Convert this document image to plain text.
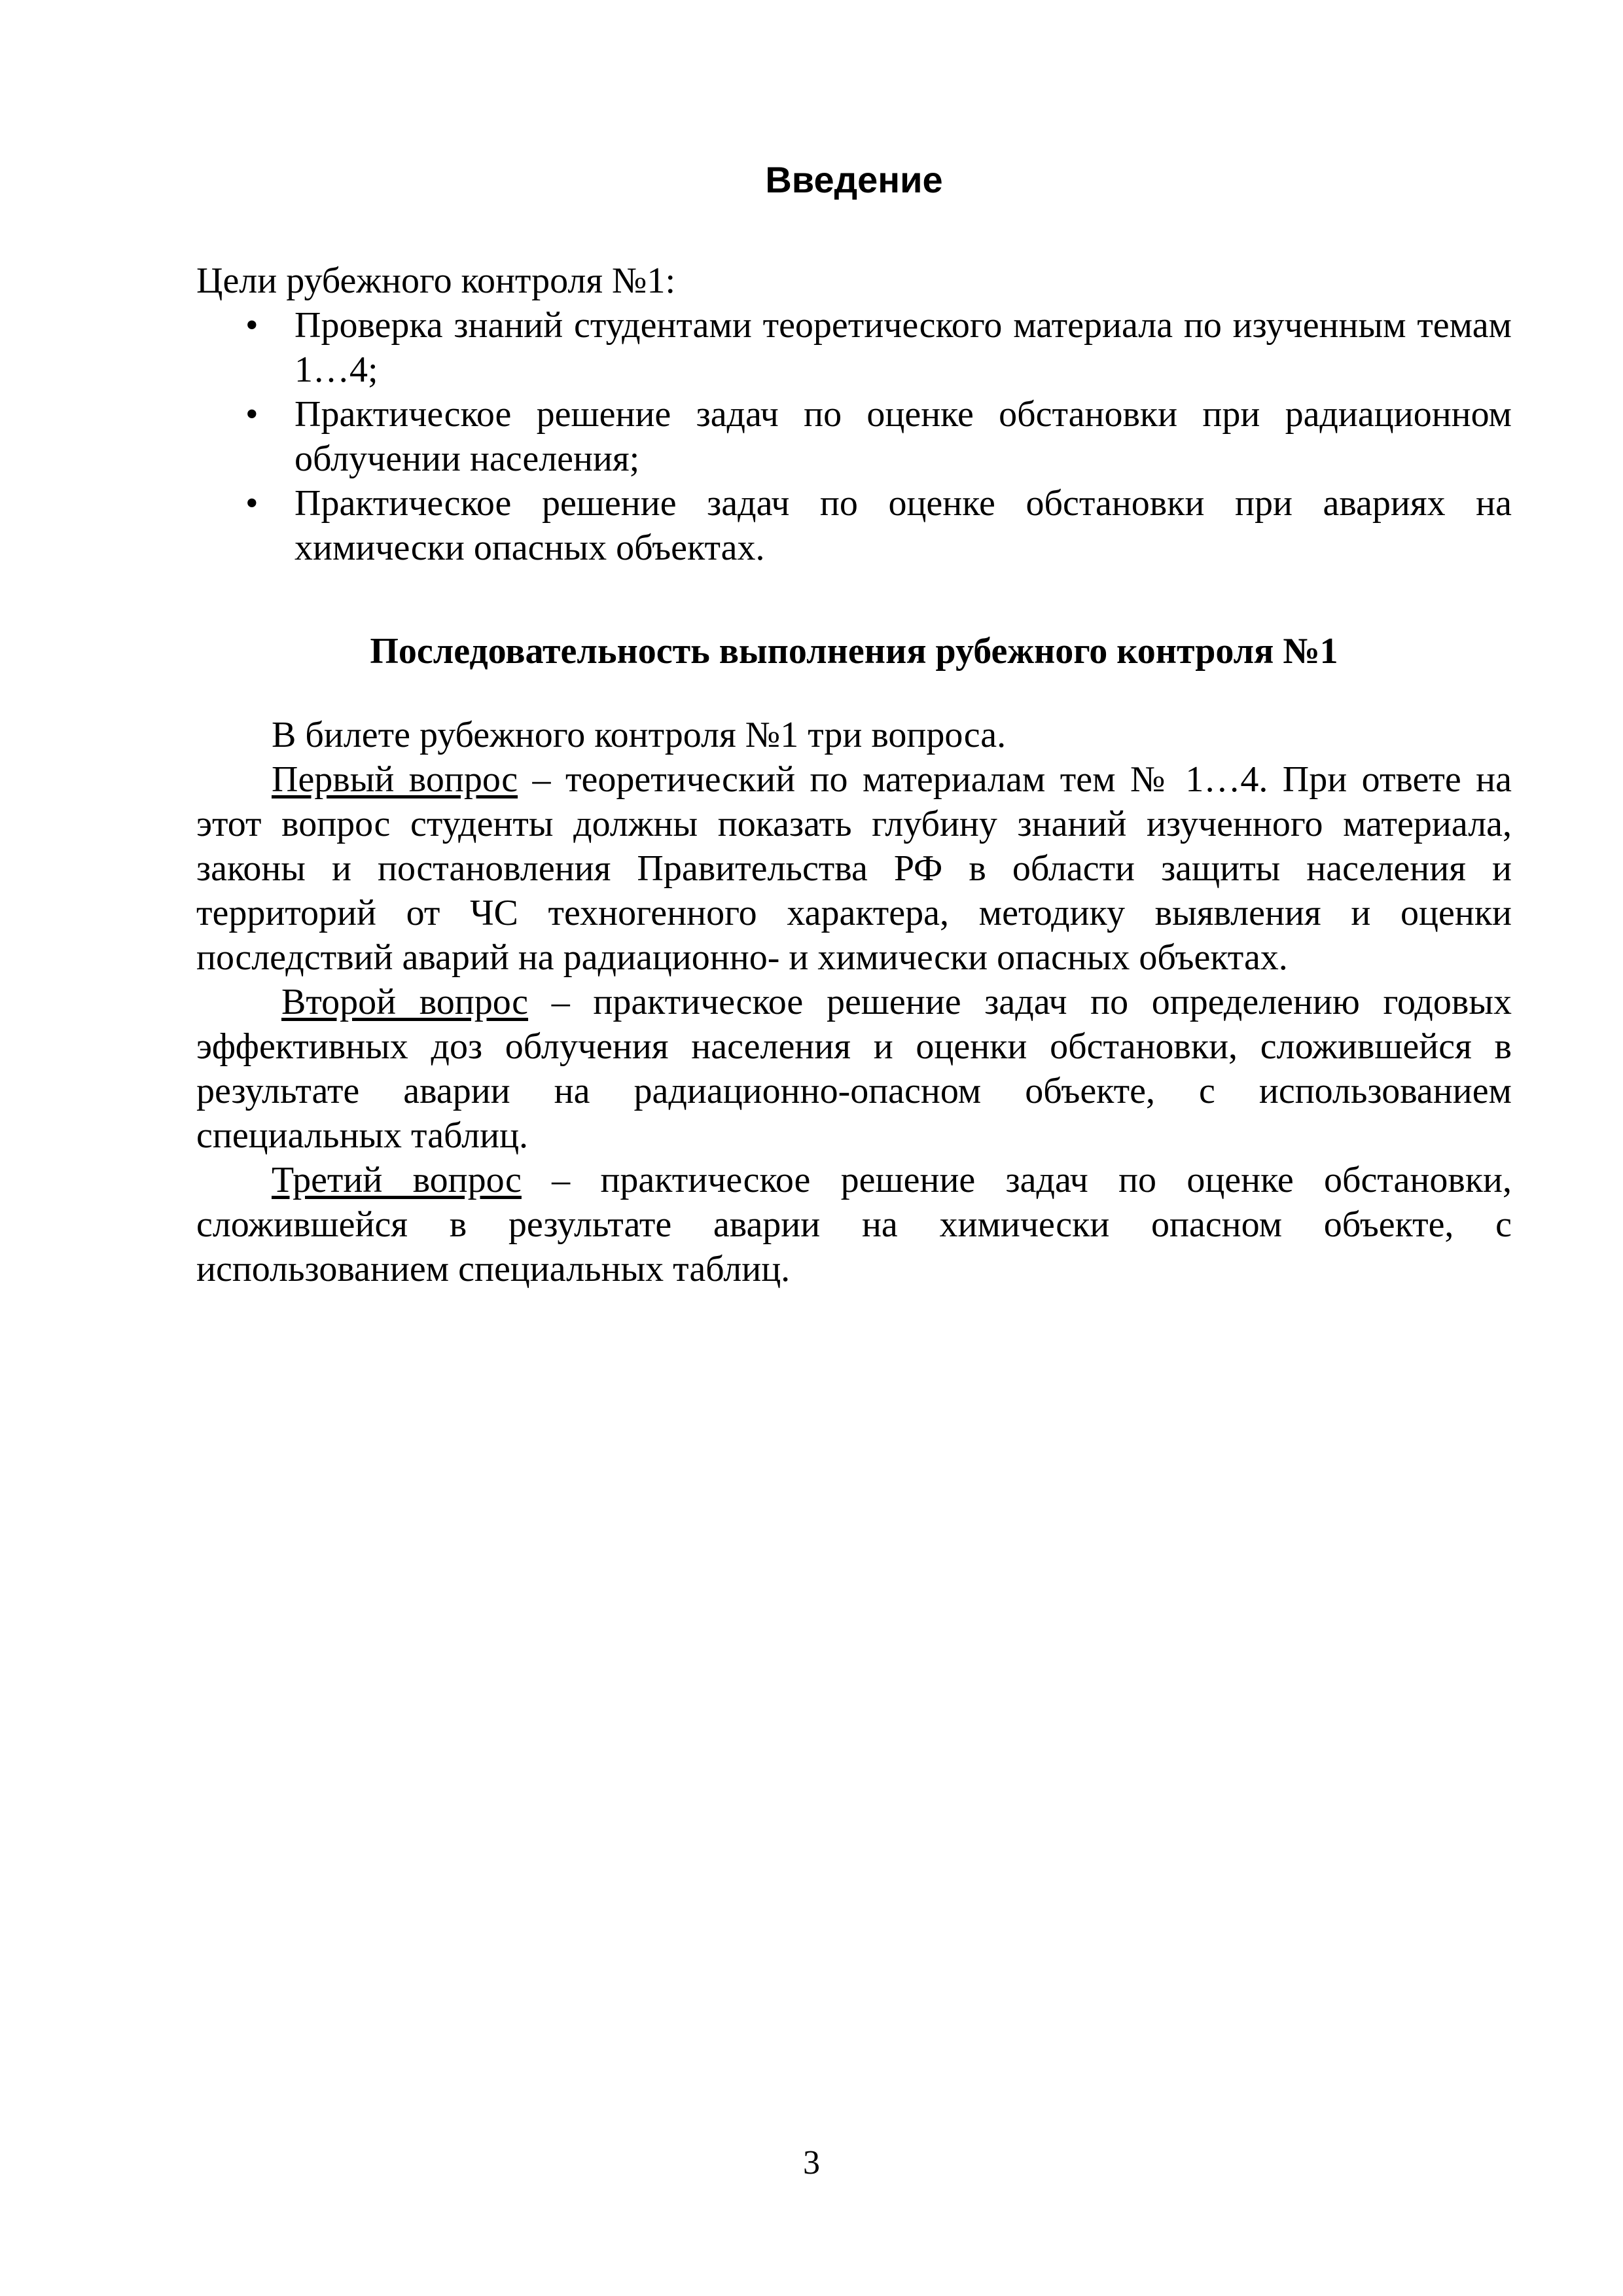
Введение

Цели рубежного контроля №1:

• Проверка знаний студентами теоретического материала по изученным темам 1…4;
• Практическое решение задач по оценке обстановки при радиационном облучении населения;
• Практическое решение задач по оценке обстановки при авариях на химически опасных объектах.
Последовательность выполнения рубежного контроля №1

В билете рубежного контроля №1 три вопроса.

Первый вопрос – теоретический по материалам тем № 1…4. При ответе на этот вопрос студенты должны показать глубину знаний изученного материала, законы и постановления Правительства РФ в области защиты населения и территорий от ЧС техногенного характера, методику выявления и оценки последствий аварий на радиационно- и химически опасных объектах.

Второй вопрос – практическое решение задач по определению годовых эффективных доз облучения населения и оценки обстановки, сложившейся в результате аварии на радиационно-опасном объекте, с использованием специальных таблиц.

Третий вопрос – практическое решение задач по оценке обстановки, сложившейся в результате аварии на химически опасном объекте, с использованием специальных таблиц.

3
